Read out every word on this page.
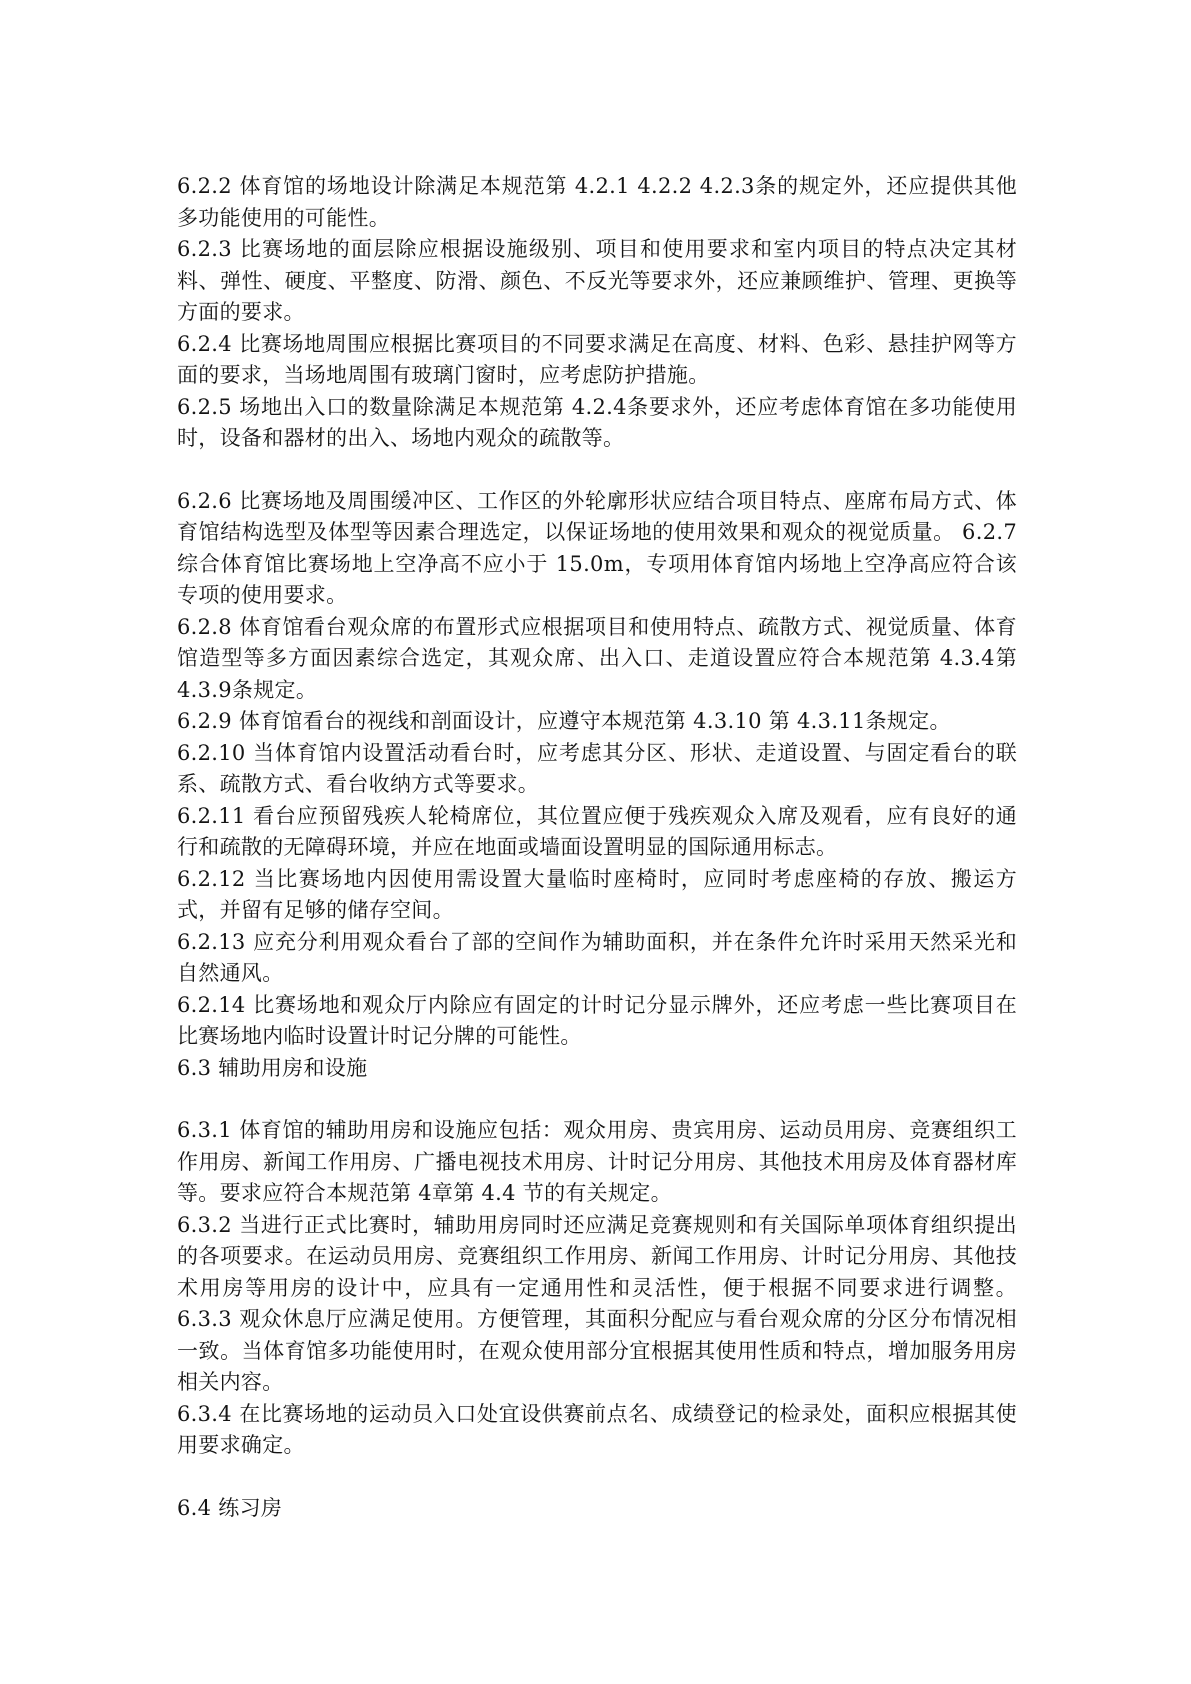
6.2.2 体育馆的场地设计除满足本规范第 4.2.1 4.2.2 4.2.3条的规定外，还应提供其他多功能使用的可能性。

6.2.3 比赛场地的面层除应根据设施级别、项目和使用要求和室内项目的特点决定其材料、弹性、硬度、平整度、防滑、颜色、不反光等要求外，还应兼顾维护、管理、更换等方面的要求。

6.2.4 比赛场地周围应根据比赛项目的不同要求满足在高度、材料、色彩、悬挂护网等方面的要求，当场地周围有玻璃门窗时，应考虑防护措施。

6.2.5 场地出入口的数量除满足本规范第 4.2.4条要求外，还应考虑体育馆在多功能使用时，设备和器材的出入、场地内观众的疏散等。

6.2.6 比赛场地及周围缓冲区、工作区的外轮廓形状应结合项目特点、座席布局方式、体育馆结构选型及体型等因素合理选定，以保证场地的使用效果和观众的视觉质量。 6.2.7 综合体育馆比赛场地上空净高不应小于 15.0m，专项用体育馆内场地上空净高应符合该专项的使用要求。

6.2.8 体育馆看台观众席的布置形式应根据项目和使用特点、疏散方式、视觉质量、体育馆造型等多方面因素综合选定，其观众席、出入口、走道设置应符合本规范第 4.3.4第 4.3.9条规定。

6.2.9 体育馆看台的视线和剖面设计，应遵守本规范第 4.3.10 第 4.3.11条规定。

6.2.10 当体育馆内设置活动看台时，应考虑其分区、形状、走道设置、与固定看台的联系、疏散方式、看台收纳方式等要求。

6.2.11 看台应预留残疾人轮椅席位，其位置应便于残疾观众入席及观看，应有良好的通行和疏散的无障碍环境，并应在地面或墙面设置明显的国际通用标志。

6.2.12 当比赛场地内因使用需设置大量临时座椅时，应同时考虑座椅的存放、搬运方式，并留有足够的储存空间。

6.2.13 应充分利用观众看台了部的空间作为辅助面积，并在条件允许时采用天然采光和自然通风。

6.2.14 比赛场地和观众厅内除应有固定的计时记分显示牌外，还应考虑一些比赛项目在比赛场地内临时设置计时记分牌的可能性。

6.3 辅助用房和设施

6.3.1 体育馆的辅助用房和设施应包括：观众用房、贵宾用房、运动员用房、竞赛组织工作用房、新闻工作用房、广播电视技术用房、计时记分用房、其他技术用房及体育器材库等。要求应符合本规范第 4章第 4.4 节的有关规定。

6.3.2 当进行正式比赛时，辅助用房同时还应满足竞赛规则和有关国际单项体育组织提出的各项要求。在运动员用房、竞赛组织工作用房、新闻工作用房、计时记分用房、其他技术用房等用房的设计中，应具有一定通用性和灵活性，便于根据不同要求进行调整。 6.3.3 观众休息厅应满足使用。方便管理，其面积分配应与看台观众席的分区分布情况相一致。当体育馆多功能使用时，在观众使用部分宜根据其使用性质和特点，增加服务用房相关内容。

6.3.4 在比赛场地的运动员入口处宜设供赛前点名、成绩登记的检录处，面积应根据其使用要求确定。

6.4 练习房
